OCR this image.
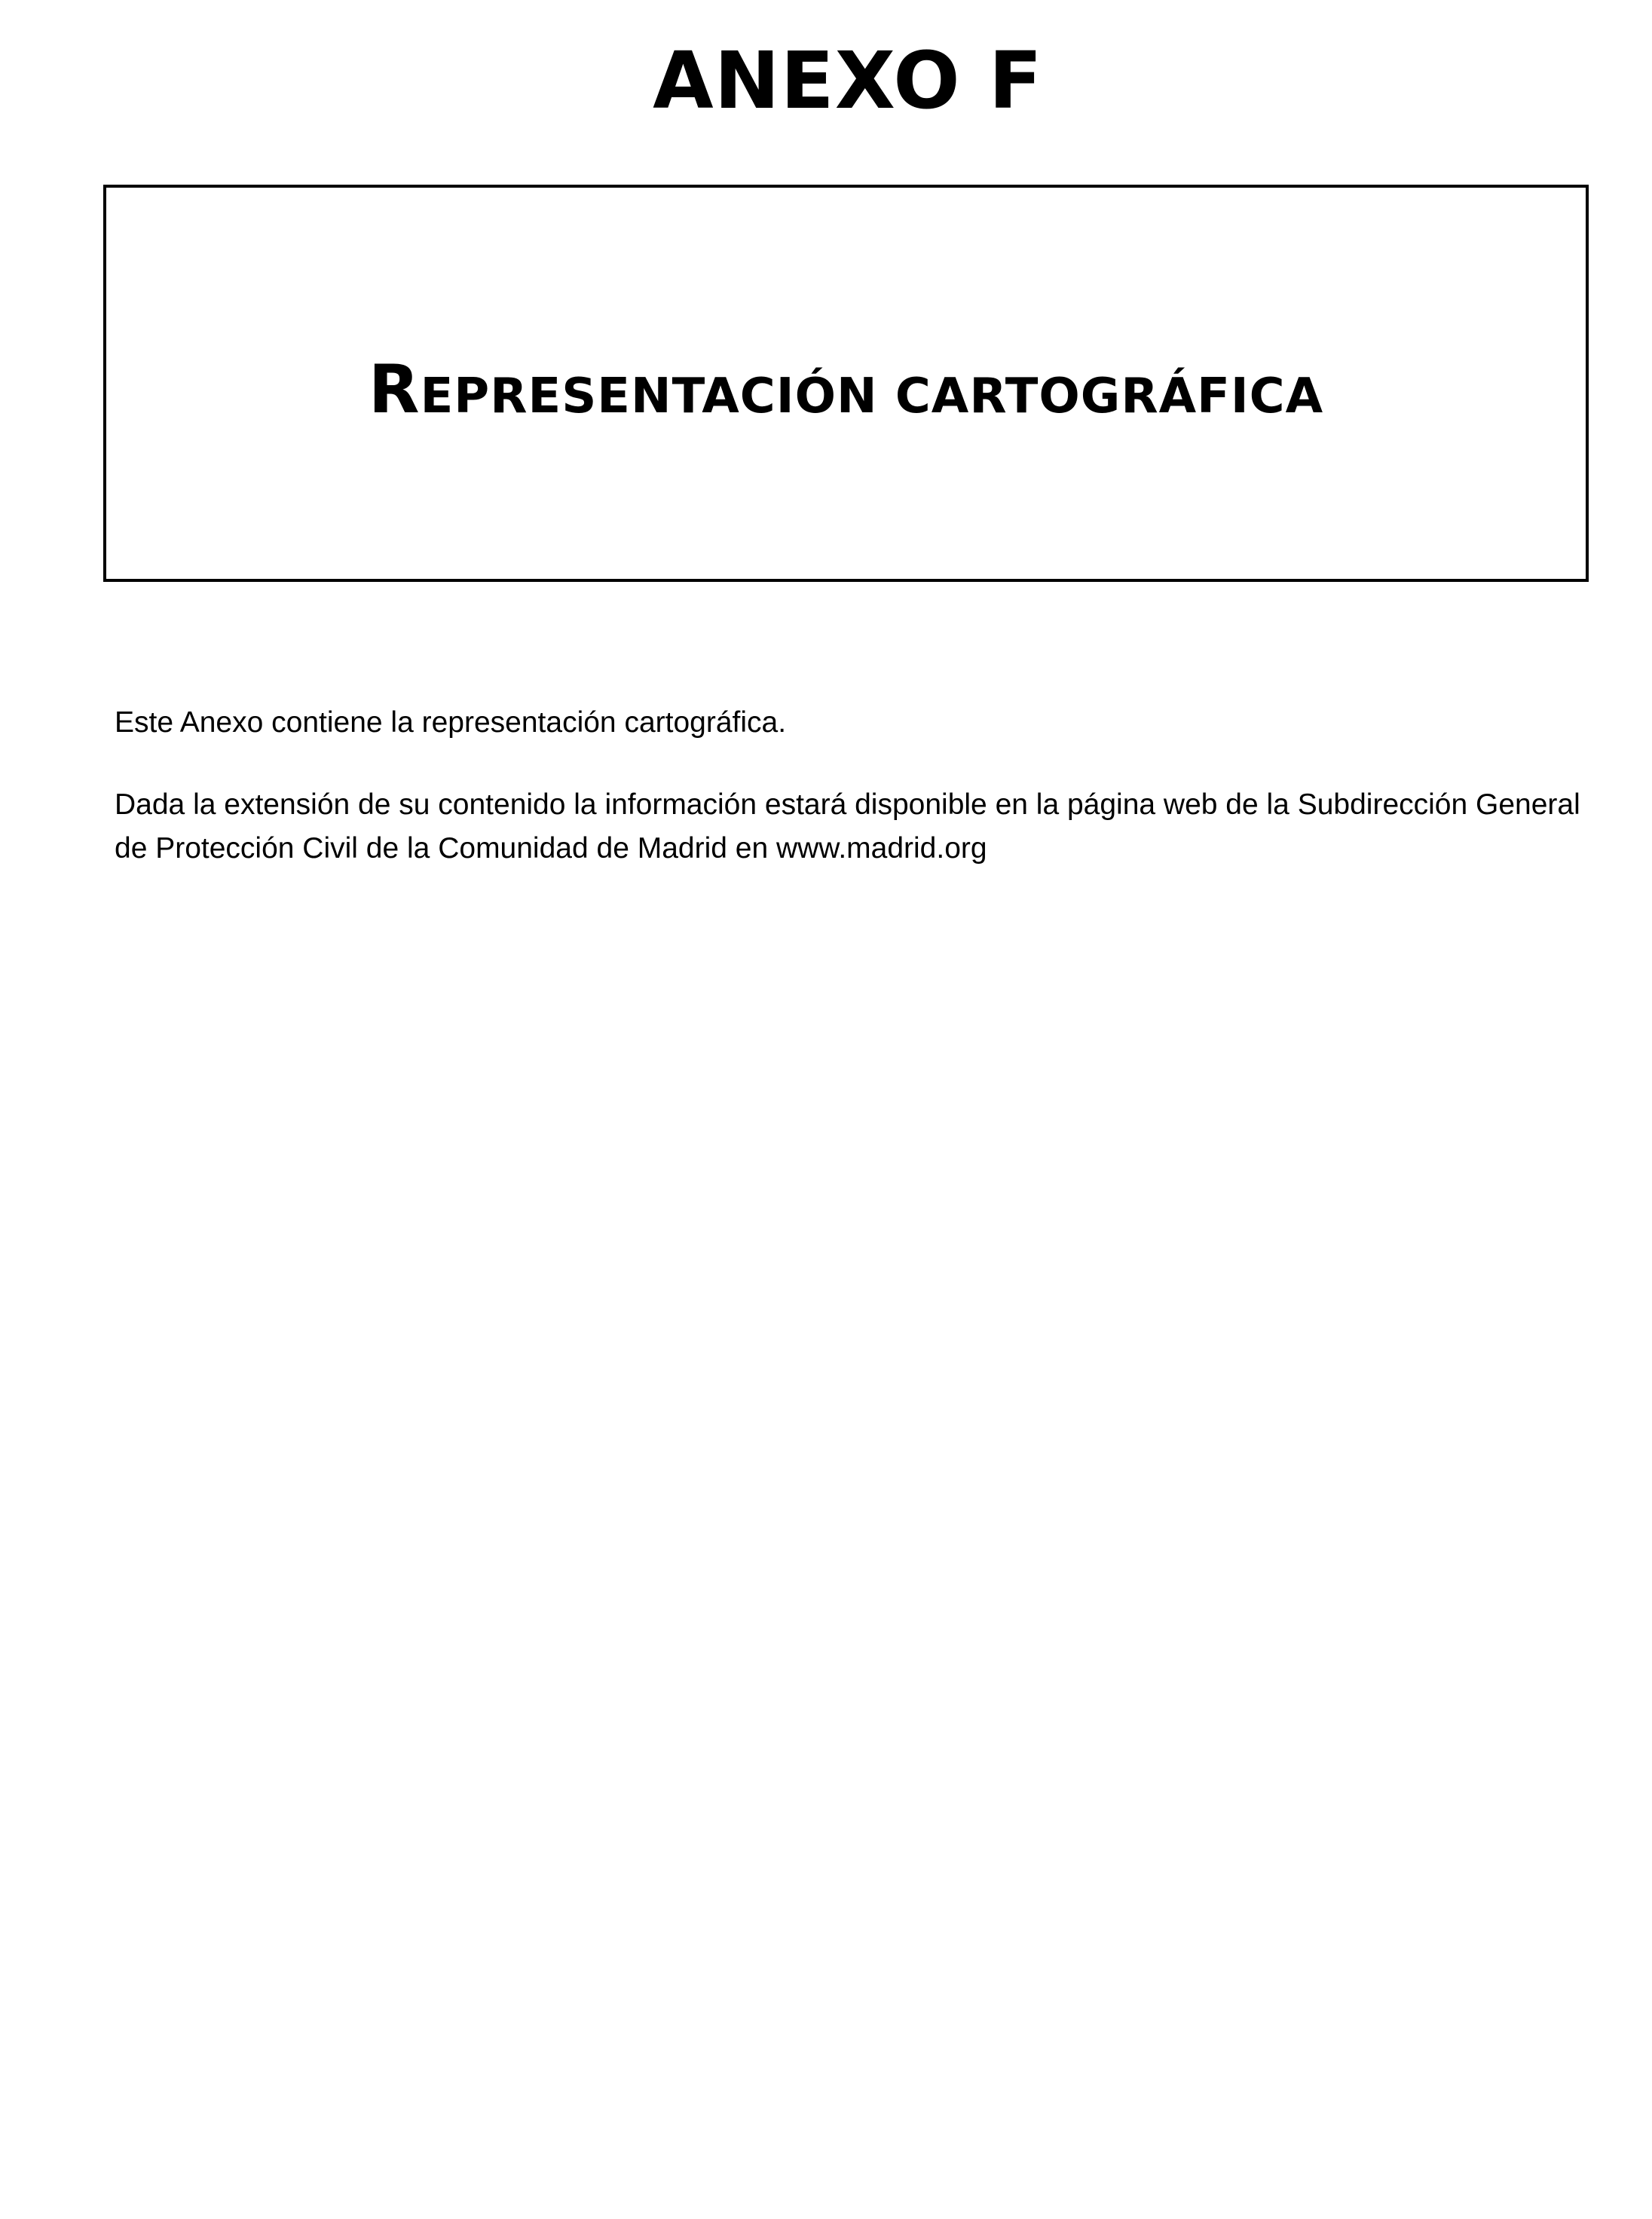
ANEXO F
REPRESENTACIÓN CARTOGRÁFICA

Este Anexo contiene la representación cartográfica.

Dada la extensión de su contenido la información estará disponible en la página web de la Subdirección General de Protección Civil de la Comunidad de Madrid en www.madrid.org
